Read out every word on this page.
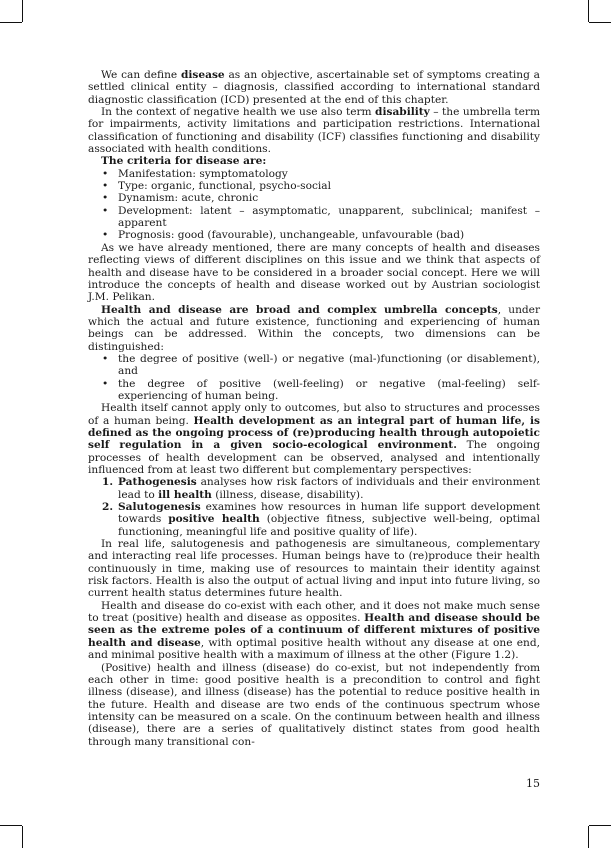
We can define disease as an objective, ascertainable set of symptoms creating a settled clinical entity – diagnosis, classified according to international standard diagnostic classification (ICD) presented at the end of this chapter.

In the context of negative health we use also term disability – the umbrella term for impairments, activity limitations and participation restrictions. International classification of functioning and disability (ICF) classifies functioning and disability associated with health conditions.

The criteria for disease are:

• Manifestation: symptomatology
• Type: organic, functional, psycho-social
• Dynamism: acute, chronic
• Development: latent – asymptomatic, unapparent, subclinical; manifest – apparent
• Prognosis: good (favourable), unchangeable, unfavourable (bad)

As we have already mentioned, there are many concepts of health and diseases reflecting views of different disciplines on this issue and we think that aspects of health and disease have to be considered in a broader social concept. Here we will introduce the concepts of health and disease worked out by Austrian sociologist J.M. Pelikan.

Health and disease are broad and complex umbrella concepts, under which the actual and future existence, functioning and experiencing of human beings can be addressed. Within the concepts, two dimensions can be distinguished:

• the degree of positive (well-) or negative (mal-)functioning (or disablement), and
• the degree of positive (well-feeling) or negative (mal-feeling) self-experiencing of human being.

Health itself cannot apply only to outcomes, but also to structures and processes of a human being. Health development as an integral part of human life, is defined as the ongoing process of (re)producing health through autopoietic self regulation in a given socio-ecological environment. The ongoing processes of health development can be observed, analysed and intentionally influenced from at least two different but complementary perspectives:

1. Pathogenesis analyses how risk factors of individuals and their environment lead to ill health (illness, disease, disability).
2. Salutogenesis examines how resources in human life support development towards positive health (objective fitness, subjective well-being, optimal functioning, meaningful life and positive quality of life).

In real life, salutogenesis and pathogenesis are simultaneous, complementary and interacting real life processes. Human beings have to (re)produce their health continuously in time, making use of resources to maintain their identity against risk factors. Health is also the output of actual living and input into future living, so current health status determines future health.

Health and disease do co-exist with each other, and it does not make much sense to treat (positive) health and disease as opposites. Health and disease should be seen as the extreme poles of a continuum of different mixtures of positive health and disease, with optimal positive health without any disease at one end, and minimal positive health with a maximum of illness at the other (Figure 1.2).

(Positive) health and illness (disease) do co-exist, but not independently from each other in time: good positive health is a precondition to control and fight illness (disease), and illness (disease) has the potential to reduce positive health in the future. Health and disease are two ends of the continuous spectrum whose intensity can be measured on a scale. On the continuum between health and illness (disease), there are a series of qualitatively distinct states from good health through many transitional con-

15
